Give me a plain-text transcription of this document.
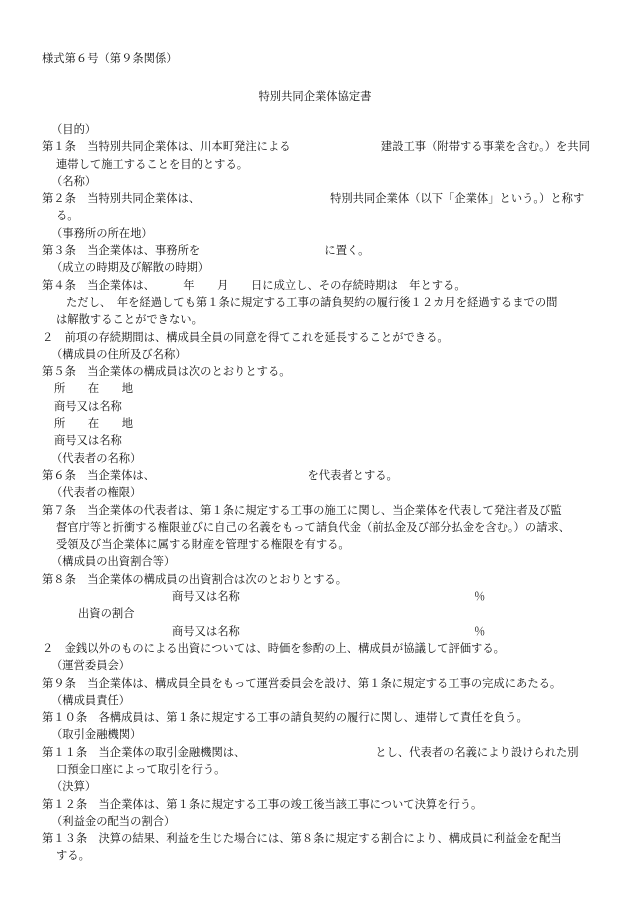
様式第６号（第９条関係）
特別共同企業体協定書
（目的）
第１条　当特別共同企業体は、川本町発注による　　　　　　　　建設工事（附帯する事業を含む。）を共同
連帯して施工することを目的とする。
（名称）
第２条　当特別共同企業体は、　　　　　　　　　　　　特別共同企業体（以下「企業体」という。）と称す
る。
（事務所の所在地）
第３条　当企業体は、事務所を　　　　　　　　　　　に置く。
（成立の時期及び解散の時期）
第４条　当企業体は、　　　年　　月　　日に成立し、その存続時期は　年とする。
ただし、　年を経過しても第１条に規定する工事の請負契約の履行後１２カ月を経過するまでの間
は解散することができない。
２　前項の存続期間は、構成員全員の同意を得てこれを延長することができる。
（構成員の住所及び名称）
第５条　当企業体の構成員は次のとおりとする。
所　　在　　地
商号又は名称
所　　在　　地
商号又は名称
（代表者の名称）
第６条　当企業体は、　　　　　　　　　　　　　　を代表者とする。
（代表者の権限）
第７条　当企業体の代表者は、第１条に規定する工事の施工に関し、当企業体を代表して発注者及び監
督官庁等と折衝する権限並びに自己の名義をもって請負代金（前払金及び部分払金を含む。）の請求、
受領及び当企業体に属する財産を管理する権限を有する。
（構成員の出資割合等）
第８条　当企業体の構成員の出資割合は次のとおりとする。
商号又は名称	％
出資の割合
商号又は名称	％
２　金銭以外のものによる出資については、時価を参酌の上、構成員が協議して評価する。
（運営委員会）
第９条　当企業体は、構成員全員をもって運営委員会を設け、第１条に規定する工事の完成にあたる。
（構成員責任）
第１０条　各構成員は、第１条に規定する工事の請負契約の履行に関し、連帯して責任を負う。
（取引金融機関）
第１１条　当企業体の取引金融機関は、　　　　　　　　　　　　とし、代表者の名義により設けられた別
口預金口座によって取引を行う。
（決算）
第１２条　当企業体は、第１条に規定する工事の竣工後当該工事について決算を行う。
（利益金の配当の割合）
第１３条　決算の結果、利益を生じた場合には、第８条に規定する割合により、構成員に利益金を配当
する。
